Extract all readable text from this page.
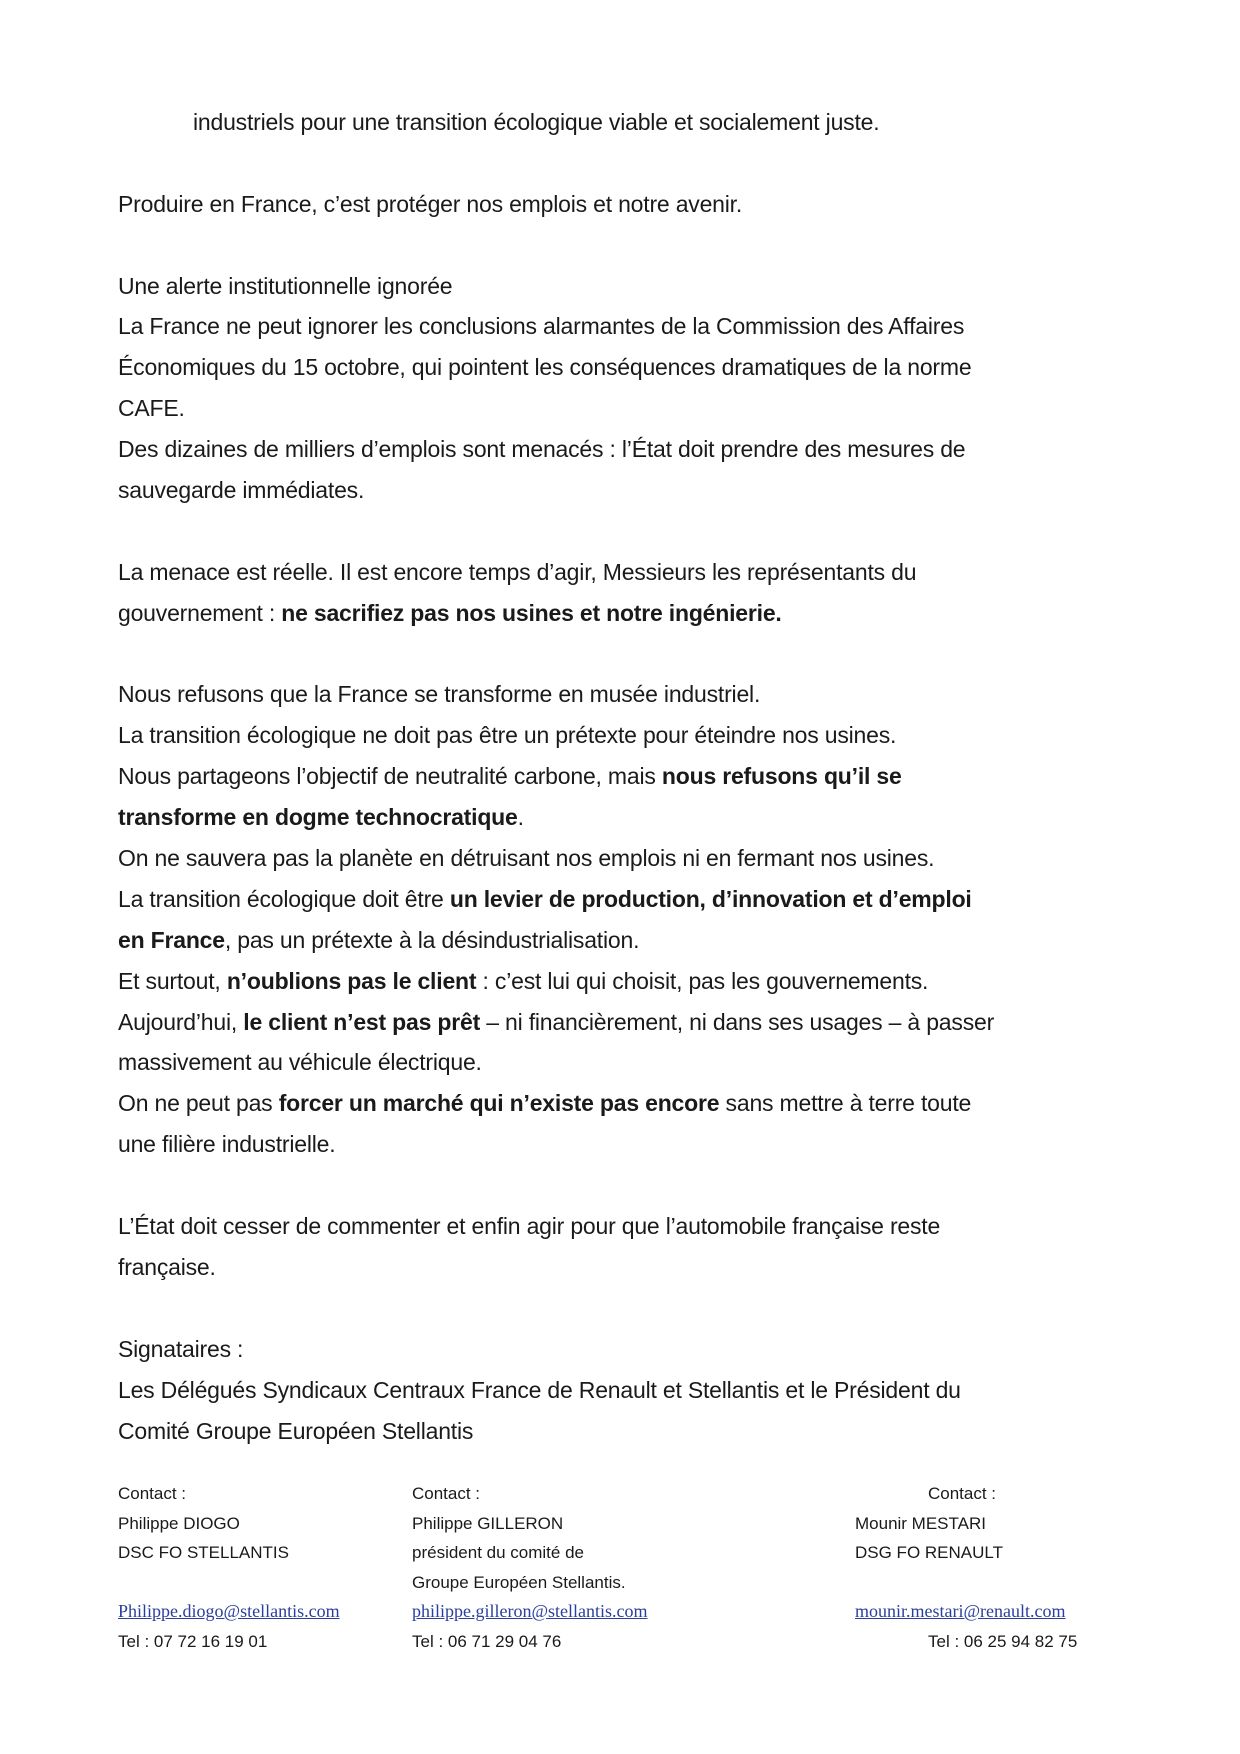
industriels pour une transition écologique viable et socialement juste.
Produire en France, c’est protéger nos emplois et notre avenir.
Une alerte institutionnelle ignorée
La France ne peut ignorer les conclusions alarmantes de la Commission des Affaires
Économiques du 15 octobre, qui pointent les conséquences dramatiques de la norme
CAFE.
Des dizaines de milliers d’emplois sont menacés : l’État doit prendre des mesures de
sauvegarde immédiates.
La menace est réelle. Il est encore temps d’agir, Messieurs les représentants du
gouvernement : ne sacrifiez pas nos usines et notre ingénierie.
Nous refusons que la France se transforme en musée industriel.
La transition écologique ne doit pas être un prétexte pour éteindre nos usines.
Nous partageons l’objectif de neutralité carbone, mais nous refusons qu’il se
transforme en dogme technocratique.
On ne sauvera pas la planète en détruisant nos emplois ni en fermant nos usines.
La transition écologique doit être un levier de production, d’innovation et d’emploi
en France, pas un prétexte à la désindustrialisation.
Et surtout, n’oublions pas le client : c’est lui qui choisit, pas les gouvernements.
Aujourd’hui, le client n’est pas prêt – ni financièrement, ni dans ses usages – à passer
massivement au véhicule électrique.
On ne peut pas forcer un marché qui n’existe pas encore sans mettre à terre toute
une filière industrielle.
L’État doit cesser de commenter et enfin agir pour que l’automobile française reste
française.
Signataires :
Les Délégués Syndicaux Centraux France de Renault et Stellantis et le Président du
Comité Groupe Européen Stellantis
Contact :
Philippe DIOGO
DSC FO STELLANTIS
Philippe.diogo@stellantis.com
Tel : 07 72 16 19 01
Contact :
Philippe GILLERON
président du comité de
Groupe Européen Stellantis.
philippe.gilleron@stellantis.com
Tel : 06 71 29 04 76
Contact :
Mounir MESTARI
DSG FO RENAULT
mounir.mestari@renault.com
Tel : 06 25 94 82 75
